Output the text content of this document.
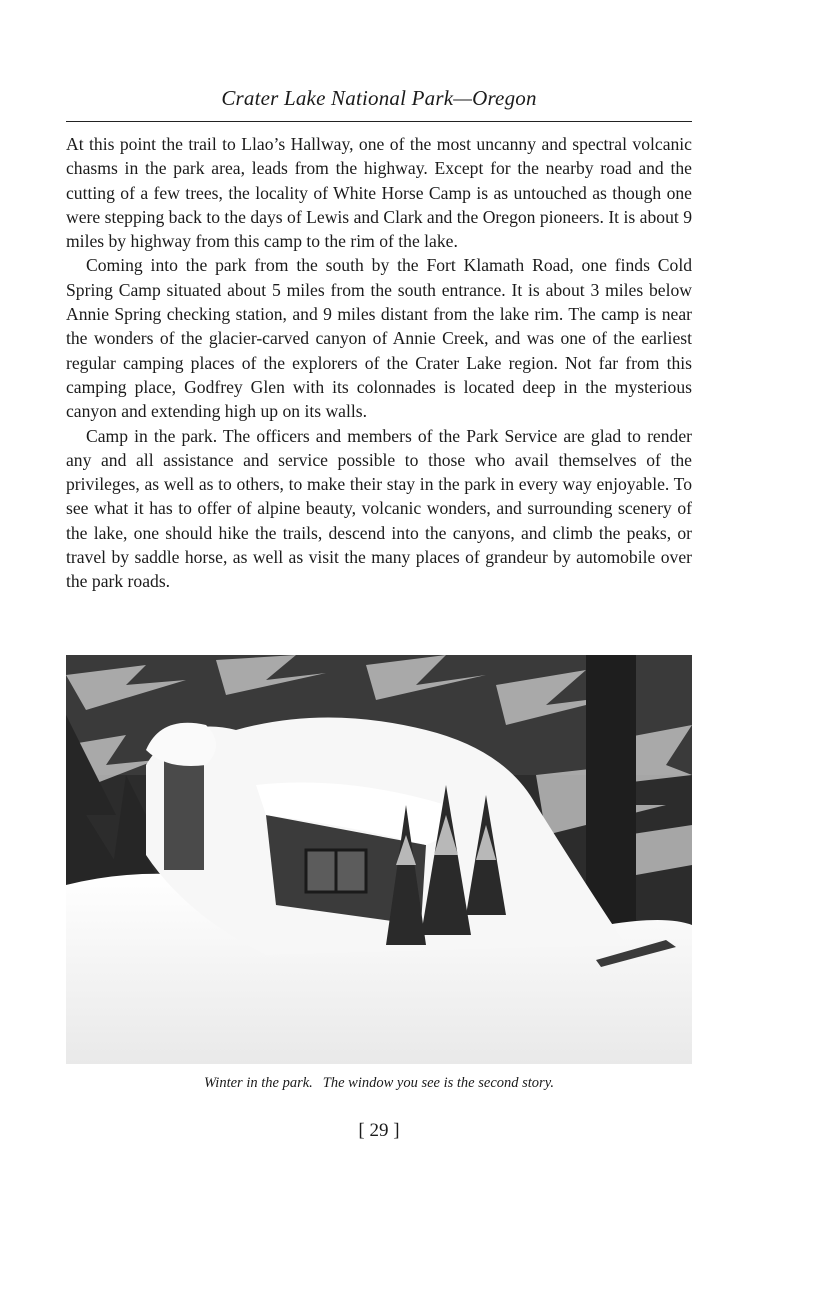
Crater Lake National Park—Oregon

At this point the trail to Llao’s Hallway, one of the most uncanny and spectral volcanic chasms in the park area, leads from the highway. Except for the nearby road and the cutting of a few trees, the locality of White Horse Camp is as untouched as though one were stepping back to the days of Lewis and Clark and the Oregon pioneers. It is about 9 miles by highway from this camp to the rim of the lake.

Coming into the park from the south by the Fort Klamath Road, one finds Cold Spring Camp situated about 5 miles from the south entrance. It is about 3 miles below Annie Spring checking station, and 9 miles distant from the lake rim. The camp is near the wonders of the glacier-carved canyon of Annie Creek, and was one of the earliest regular camping places of the explorers of the Crater Lake region. Not far from this camping place, Godfrey Glen with its colonnades is located deep in the mysterious canyon and extending high up on its walls.

Camp in the park. The officers and members of the Park Service are glad to render any and all assistance and service possible to those who avail themselves of the privileges, as well as to others, to make their stay in the park in every way enjoyable. To see what it has to offer of alpine beauty, volcanic wonders, and surrounding scenery of the lake, one should hike the trails, descend into the canyons, and climb the peaks, or travel by saddle horse, as well as visit the many places of grandeur by automobile over the park roads.

Winter in the park. The window you see is the second story.
[ 29 ]
